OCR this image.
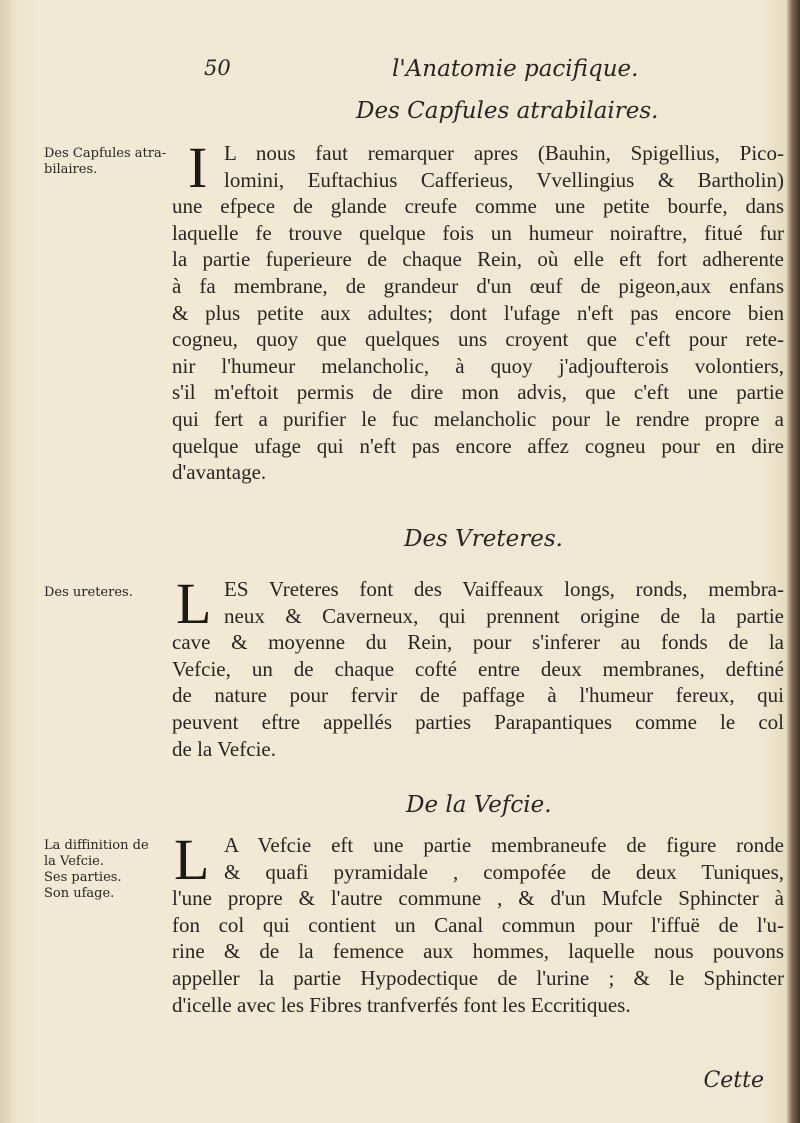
50	l'Anatomie pacifique.
Des Capfules atrabilaires.
Des Capfules atra-
bilaires.	I L nous faut remarquer apres (Bauhin, Spigellius, Pico-
lomini, Euftachius Cafferieus, Vvellingius & Bartholin)
une efpece de glande creufe comme une petite bourfe, dans
laquelle fe trouve quelque fois un humeur noiraftre, fitué fur
la partie fuperieure de chaque Rein, où elle eft fort adherente
à fa membrane, de grandeur d'un œuf de pigeon,aux enfans
& plus petite aux adultes; dont l'ufage n'eft pas encore bien
cogneu, quoy que quelques uns croyent que c'eft pour rete-
nir l'humeur melancholic, à quoy j'adjoufterois volontiers,
s'il m'eftoit permis de dire mon advis, que c'eft une partie
qui fert a purifier le fuc melancholic pour le rendre propre a
quelque ufage qui n'eft pas encore affez cogneu pour en dire
d'avantage.
Des Vreteres.
Des ureteres. L ES Vreteres font des Vaiffeaux longs, ronds, membra-
neux & Caverneux, qui prennent origine de la partie
cave & moyenne du Rein, pour s'inferer au fonds de la
Vefcie, un de chaque cofté entre deux membranes, deftiné
de nature pour fervir de paffage à l'humeur fereux, qui
peuvent eftre appellés parties Parapantiques comme le col
de la Vefcie.
De la Vefcie.
La diffinition de
la Vefcie.
Ses parties.
Son ufage.
L A Vefcie eft une partie membraneufe de figure ronde
& quafi pyramidale , compofée de deux Tuniques,
l'une propre & l'autre commune , & d'un Mufcle Sphincter à
fon col qui contient un Canal commun pour l'iffuë de l'u-
rine & de la femence aux hommes, laquelle nous pouvons
appeller la partie Hypodectique de l'urine ; & le Sphincter
d'icelle avec les Fibres tranfverfés font les Eccritiques.
Cette
